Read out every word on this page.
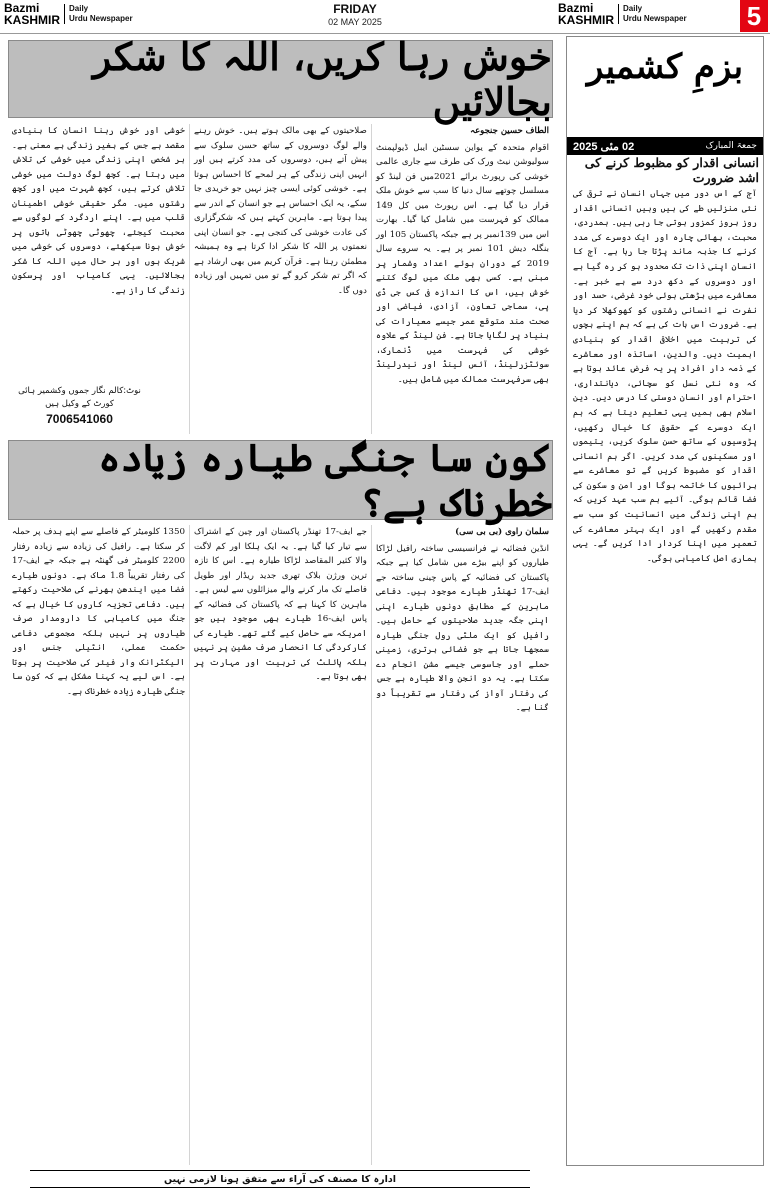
Bazmi
KASHMIR
Daily
Urdu Newspaper
FRIDAY
02 MAY 2025
Bazmi
KASHMIR
Daily
Urdu Newspaper 5
خوش رہا کریں، اللہ کا شکر بجالائیں
الطاف حسین جنجوعہ
اقوام متحدہ کے یواین سسٹین ایبل ڈیولپمنٹ سولیوشن نیٹ ورک کی طرف سے جاری عالمی خوشی کی رپورٹ برائے 2021میں فن لینڈ کو مسلسل چوتھے سال دنیا کا سب سے خوش ملک قرار دیا گیا ہے۔ اس رپورٹ میں کل 149 ممالک کو فہرست میں شامل کیا گیا۔ بھارت اس میں 139نمبر پر ہے جبکہ پاکستان 105 اور بنگلہ دیش 101 نمبر پر ہے۔ یہ سروے سال 2019 کے دوران ہوئے اعداد وشمار پر مبنی ہے۔ کسی بھی ملک میں لوگ کتنے خوش ہیں، اس کا اندازہ فی کس جی ڈی پی، سماجی تعاون، آزادی، فیاضی اور صحت مند متوقع عمر جیسے معیارات کی بنیاد پر لگایا جاتا ہے۔ فن لینڈ کے علاوہ خوشی کی فہرست میں ڈنمارک، سوئٹزرلینڈ، آئس لینڈ اور نیدرلینڈ بھی سرفہرست ممالک میں شامل ہیں۔
صلاحیتوں کے بھی مالک ہوتے ہیں۔ خوش رہنے والے لوگ دوسروں کے ساتھ حسن سلوک سے پیش آتے ہیں، دوسروں کی مدد کرتے ہیں اور انہیں اپنی زندگی کے ہر لمحے کا احساس ہوتا ہے۔ خوشی کوئی ایسی چیز نہیں جو خریدی جا سکے، یہ ایک احساس ہے جو انسان کے اندر سے پیدا ہوتا ہے۔ ماہرین کہتے ہیں کہ شکرگزاری کی عادت خوشی کی کنجی ہے۔ جو انسان اپنی نعمتوں پر اللہ کا شکر ادا کرتا ہے وہ ہمیشہ مطمئن رہتا ہے۔ قرآن کریم میں بھی ارشاد ہے کہ اگر تم شکر کرو گے تو میں تمہیں اور زیادہ دوں گا۔
خوشی اور خوش رہنا انسان کا بنیادی مقصد ہے جس کے بغیر زندگی بے معنی ہے۔ ہر شخص اپنی زندگی میں خوشی کی تلاش میں رہتا ہے۔ کچھ لوگ دولت میں خوشی تلاش کرتے ہیں، کچھ شہرت میں اور کچھ رشتوں میں۔ مگر حقیقی خوشی اطمینان قلب میں ہے۔ اپنے اردگرد کے لوگوں سے محبت کیجئے، چھوٹی چھوٹی باتوں پر خوش ہونا سیکھئے، دوسروں کی خوشی میں شریک ہوں اور ہر حال میں اللہ کا شکر بجالائیں۔ یہی کامیاب اور پرسکون زندگی کا راز ہے۔
نوٹ:کالم نگار جموں وکشمیر ہائی کورٹ کے وکیل ہیں
7006541060
کون سا جنگی طیارہ زیادہ خطرناک ہے؟
سلمان راوی (بی بی سی)
انڈین فضائیہ نے فرانسیسی ساختہ رافیل لڑاکا طیاروں کو اپنے بیڑے میں شامل کیا ہے جبکہ پاکستان کی فضائیہ کے پاس چینی ساختہ جے ایف-17 تھنڈر طیارے موجود ہیں۔ دفاعی ماہرین کے مطابق دونوں طیارے اپنی اپنی جگہ جدید صلاحیتوں کے حامل ہیں۔ رافیل کو ایک ملٹی رول جنگی طیارہ سمجھا جاتا ہے جو فضائی برتری، زمینی حملے اور جاسوسی جیسے مشن انجام دے سکتا ہے۔ یہ دو انجن والا طیارہ ہے جس کی رفتار آواز کی رفتار سے تقریباً دو گنا ہے۔
جے ایف-17 تھنڈر پاکستان اور چین کے اشتراک سے تیار کیا گیا ہے۔ یہ ایک ہلکا اور کم لاگت والا کثیر المقاصد لڑاکا طیارہ ہے۔ اس کا تازہ ترین ورژن بلاک تھری جدید ریڈار اور طویل فاصلے تک مار کرنے والے میزائلوں سے لیس ہے۔ ماہرین کا کہنا ہے کہ پاکستان کی فضائیہ کے پاس ایف-16 طیارے بھی موجود ہیں جو امریکہ سے حاصل کیے گئے تھے۔ طیارے کی کارکردگی کا انحصار صرف مشین پر نہیں بلکہ پائلٹ کی تربیت اور مہارت پر بھی ہوتا ہے۔
1350 کلومیٹر کے فاصلے سے اپنے ہدف پر حملہ کر سکتا ہے۔ رافیل کی زیادہ سے زیادہ رفتار 2200 کلومیٹر فی گھنٹہ ہے جبکہ جے ایف-17 کی رفتار تقریباً 1.8 ماک ہے۔ دونوں طیارے فضا میں ایندھن بھرنے کی صلاحیت رکھتے ہیں۔ دفاعی تجزیہ کاروں کا خیال ہے کہ جنگ میں کامیابی کا دارومدار صرف طیاروں پر نہیں بلکہ مجموعی دفاعی حکمت عملی، انٹیلی جنس اور الیکٹرانک وار فیئر کی صلاحیت پر ہوتا ہے۔ اس لیے یہ کہنا مشکل ہے کہ کون سا جنگی طیارہ زیادہ خطرناک ہے۔
بزمِ کشمیر
02 مئی 2025	جمعۃ المبارک
انسانی اقدار کو مظبوط کرنے کی اشد ضرورت
آج کے اس دور میں جہاں انسان نے ترقی کی نئی منزلیں طے کی ہیں وہیں انسانی اقدار روز بروز کمزور ہوتی جا رہی ہیں۔ ہمدردی، محبت، بھائی چارہ اور ایک دوسرے کی مدد کرنے کا جذبہ ماند پڑتا جا رہا ہے۔ آج کا انسان اپنی ذات تک محدود ہو کر رہ گیا ہے اور دوسروں کے دکھ درد سے بے خبر ہے۔ معاشرے میں بڑھتی ہوئی خود غرضی، حسد اور نفرت نے انسانی رشتوں کو کھوکھلا کر دیا ہے۔ ضرورت اس بات کی ہے کہ ہم اپنے بچوں کی تربیت میں اخلاقی اقدار کو بنیادی اہمیت دیں۔ والدین، اساتذہ اور معاشرے کے ذمہ دار افراد پر یہ فرض عائد ہوتا ہے کہ وہ نئی نسل کو سچائی، دیانتداری، احترام اور انسان دوستی کا درس دیں۔ دین اسلام بھی ہمیں یہی تعلیم دیتا ہے کہ ہم ایک دوسرے کے حقوق کا خیال رکھیں، پڑوسیوں کے ساتھ حسن سلوک کریں، یتیموں اور مسکینوں کی مدد کریں۔ اگر ہم انسانی اقدار کو مضبوط کریں گے تو معاشرے سے برائیوں کا خاتمہ ہوگا اور امن و سکون کی فضا قائم ہوگی۔ آئیے ہم سب عہد کریں کہ ہم اپنی زندگی میں انسانیت کو سب سے مقدم رکھیں گے اور ایک بہتر معاشرے کی تعمیر میں اپنا کردار ادا کریں گے۔ یہی ہماری اصل کامیابی ہوگی۔
ادارہ کا مصنف کی آراء سے متفق ہونا لازمی نہیں
